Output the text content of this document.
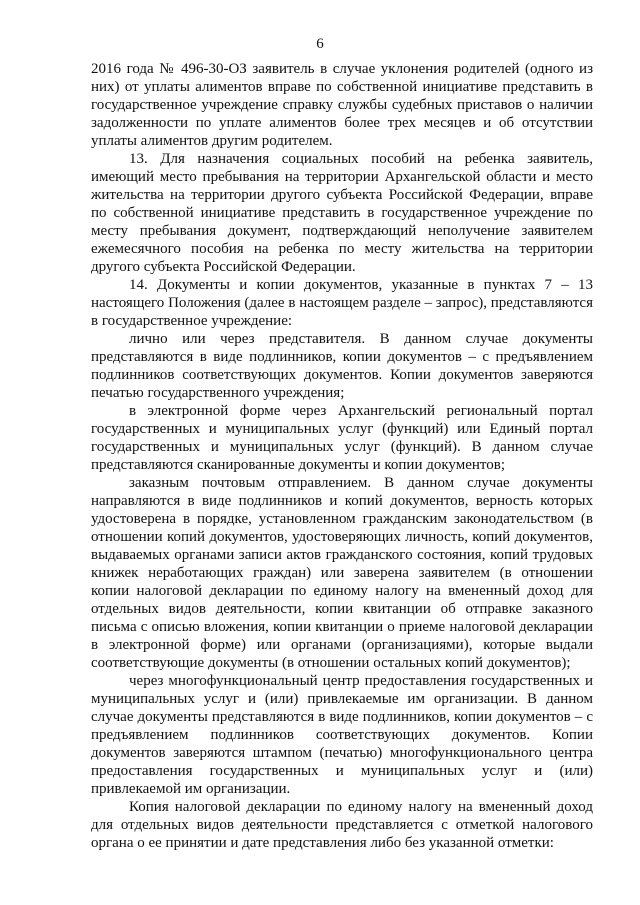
6

2016 года № 496-30-ОЗ заявитель в случае уклонения родителей (одного из них) от уплаты алиментов вправе по собственной инициативе представить в государственное учреждение справку службы судебных приставов о наличии задолженности по уплате алиментов более трех месяцев и об отсутствии уплаты алиментов другим родителем.

13. Для назначения социальных пособий на ребенка заявитель, имеющий место пребывания на территории Архангельской области и место жительства на территории другого субъекта Российской Федерации, вправе по собственной инициативе представить в государственное учреждение по месту пребывания документ, подтверждающий неполучение заявителем ежемесячного пособия на ребенка по месту жительства на территории другого субъекта Российской Федерации.

14. Документы и копии документов, указанные в пунктах 7 – 13 настоящего Положения (далее в настоящем разделе – запрос), представляются в государственное учреждение:

лично или через представителя. В данном случае документы представляются в виде подлинников, копии документов – с предъявлением подлинников соответствующих документов. Копии документов заверяются печатью государственного учреждения;

в электронной форме через Архангельский региональный портал государственных и муниципальных услуг (функций) или Единый портал государственных и муниципальных услуг (функций). В данном случае представляются сканированные документы и копии документов;

заказным почтовым отправлением. В данном случае документы направляются в виде подлинников и копий документов, верность которых удостоверена в порядке, установленном гражданским законодательством (в отношении копий документов, удостоверяющих личность, копий документов, выдаваемых органами записи актов гражданского состояния, копий трудовых книжек неработающих граждан) или заверена заявителем (в отношении копии налоговой декларации по единому налогу на вмененный доход для отдельных видов деятельности, копии квитанции об отправке заказного письма с описью вложения, копии квитанции о приеме налоговой декларации в электронной форме) или органами (организациями), которые выдали соответствующие документы (в отношении остальных копий документов);

через многофункциональный центр предоставления государственных и муниципальных услуг и (или) привлекаемые им организации. В данном случае документы представляются в виде подлинников, копии документов – с предъявлением подлинников соответствующих документов. Копии документов заверяются штампом (печатью) многофункционального центра предоставления государственных и муниципальных услуг и (или) привлекаемой им организации.

Копия налоговой декларации по единому налогу на вмененный доход для отдельных видов деятельности представляется с отметкой налогового органа о ее принятии и дате представления либо без указанной отметки:
